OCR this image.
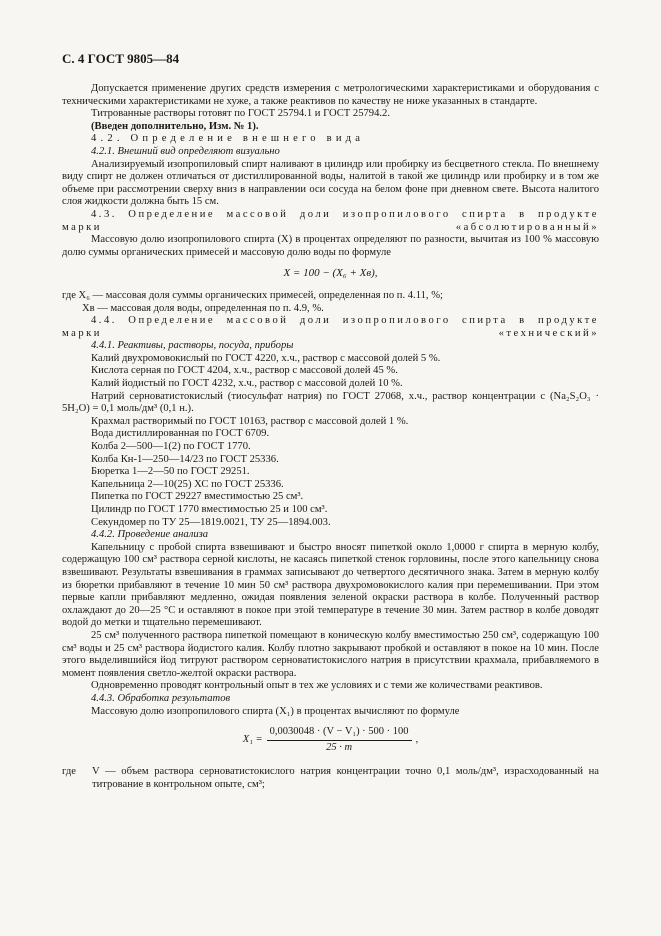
С. 4 ГОСТ 9805—84

Допускается применение других средств измерения с метрологическими характеристиками и оборудования с техническими характеристиками не хуже, а также реактивов по качеству не ниже указанных в стандарте.

Титрованные растворы готовят по ГОСТ 25794.1 и ГОСТ 25794.2.

(Введен дополнительно, Изм. № 1).

4.2. Определение внешнего вида

4.2.1. Внешний вид определяют визуально

Анализируемый изопропиловый спирт наливают в цилиндр или пробирку из бесцветного стекла. По внешнему виду спирт не должен отличаться от дистиллированной воды, налитой в такой же цилиндр или пробирку и в том же объеме при рассмотрении сверху вниз в направлении оси сосуда на белом фоне при дневном свете. Высота налитого слоя жидкости должна быть 15 см.

4.3. Определение массовой доли изопропилового спирта в продукте марки «абсолютированный»

Массовую долю изопропилового спирта (X) в процентах определяют по разности, вычитая из 100 % массовую долю суммы органических примесей и массовую долю воды по формуле

X = 100 − (X₆ + Xв),

где X₆ — массовая доля суммы органических примесей, определенная по п. 4.11, %;

Xв — массовая доля воды, определенная по п. 4.9, %.

4.4. Определение массовой доли изопропилового спирта в продукте марки «технический»

4.4.1. Реактивы, растворы, посуда, приборы

Калий двухромовокислый по ГОСТ 4220, х.ч., раствор с массовой долей 5 %.

Кислота серная по ГОСТ 4204, х.ч., раствор с массовой долей 45 %.

Калий йодистый по ГОСТ 4232, х.ч., раствор с массовой долей 10 %.

Натрий серноватистокислый (тиосульфат натрия) по ГОСТ 27068, х.ч., раствор концентрации с (Na₂S₂O₃ · 5H₂O) = 0,1 моль/дм³ (0,1 н.).

Крахмал растворимый по ГОСТ 10163, раствор с массовой долей 1 %.

Вода дистиллированная по ГОСТ 6709.

Колба 2—500—1(2) по ГОСТ 1770.

Колба Кн-1—250—14/23 по ГОСТ 25336.

Бюретка 1—2—50 по ГОСТ 29251.

Капельница 2—10(25) ХС по ГОСТ 25336.

Пипетка по ГОСТ 29227 вместимостью 25 см³.

Цилиндр по ГОСТ 1770 вместимостью 25 и 100 см³.

Секундомер по ТУ 25—1819.0021, ТУ 25—1894.003.

4.4.2. Проведение анализа

Капельницу с пробой спирта взвешивают и быстро вносят пипеткой около 1,0000 г спирта в мерную колбу, содержащую 100 см³ раствора серной кислоты, не касаясь пипеткой стенок горловины, после этого капельницу снова взвешивают. Результаты взвешивания в граммах записывают до четвертого десятичного знака. Затем в мерную колбу из бюретки прибавляют в течение 10 мин 50 см³ раствора двухромовокислого калия при перемешивании. При этом первые капли прибавляют медленно, ожидая появления зеленой окраски раствора в колбе. Полученный раствор охлаждают до 20—25 °С и оставляют в покое при этой температуре в течение 30 мин. Затем раствор в колбе доводят водой до метки и тщательно перемешивают.

25 см³ полученного раствора пипеткой помещают в коническую колбу вместимостью 250 см³, содержащую 100 см³ воды и 25 см³ раствора йодистого калия. Колбу плотно закрывают пробкой и оставляют в покое на 10 мин. После этого выделившийся йод титруют раствором серноватистокислого натрия в присутствии крахмала, прибавляемого в момент появления светло-желтой окраски раствора.

Одновременно проводят контрольный опыт в тех же условиях и с теми же количествами реактивов.

4.4.3. Обработка результатов

Массовую долю изопропилового спирта (X₁) в процентах вычисляют по формуле

$X_1 = \frac{\text{0,0030048 · (V − V₁) · 500 · 100}}{25 \cdot m}$ ,
где	V — объем раствора серноватистокислого натрия концентрации точно 0,1 моль/дм³, израсходованный на титрование в контрольном опыте, см³;
